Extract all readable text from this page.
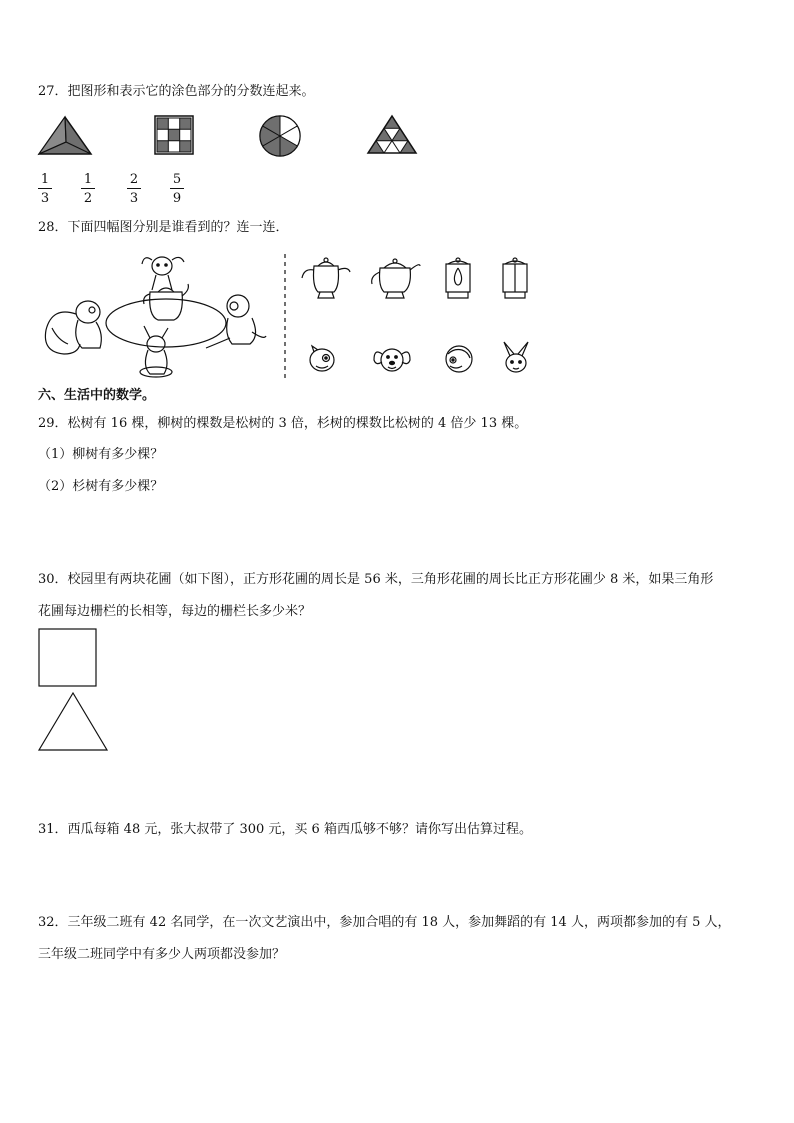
27．把图形和表示它的涂色部分的分数连起来。
1
3
1
2
2
3
5
9
28．下面四幅图分别是谁看到的？连一连．
六、生活中的数学。
29．松树有 16 棵，柳树的棵数是松树的 3 倍，杉树的棵数比松树的 4 倍少 13 棵。
（1）柳树有多少棵？
（2）杉树有多少棵？
30．校园里有两块花圃（如下图），正方形花圃的周长是 56 米，三角形花圃的周长比正方形花圃少 8 米，如果三角形
花圃每边栅栏的长相等，每边的栅栏长多少米？
31．西瓜每箱 48 元，张大叔带了 300 元，买 6 箱西瓜够不够？请你写出估算过程。
32．三年级二班有 42 名同学，在一次文艺演出中，参加合唱的有 18 人，参加舞蹈的有 14 人，两项都参加的有 5 人，
三年级二班同学中有多少人两项都没参加？
